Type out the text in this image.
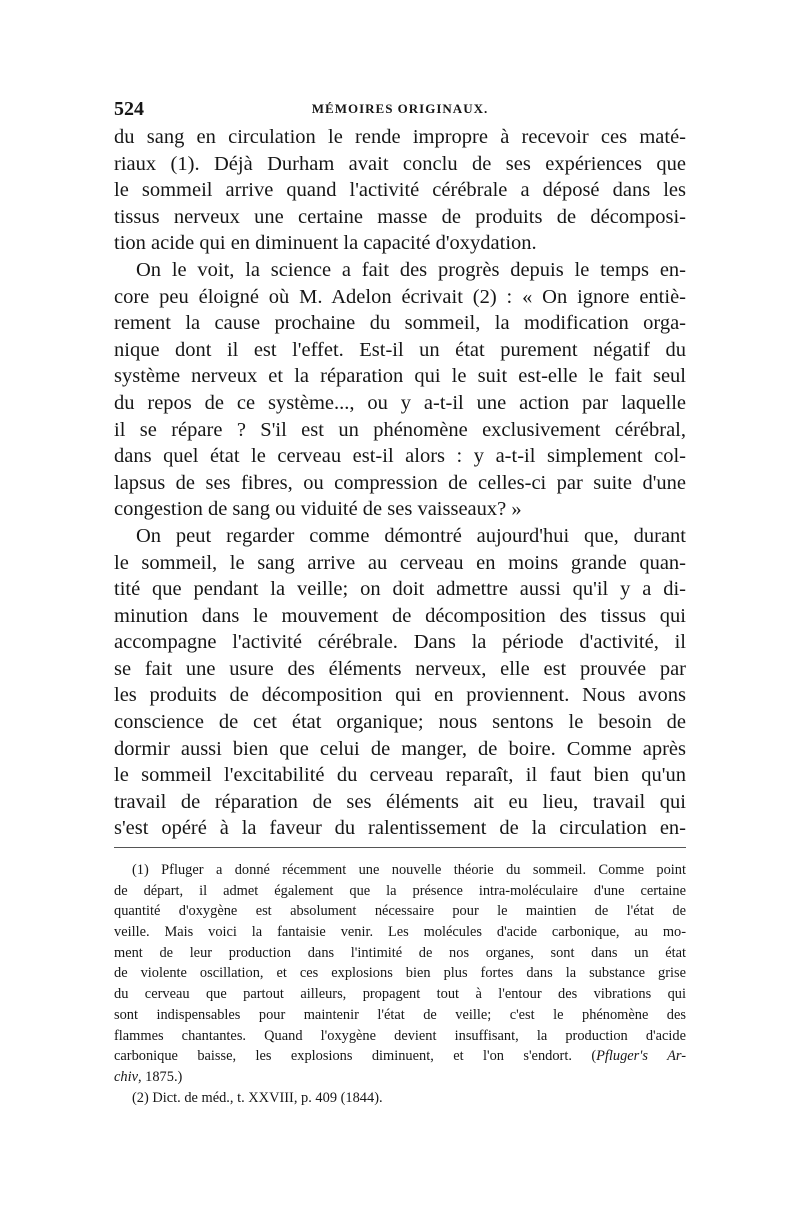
524	MÉMOIRES ORIGINAUX.
du sang en circulation le rende impropre à recevoir ces maté-
riaux (1). Déjà Durham avait conclu de ses expériences que
le sommeil arrive quand l'activité cérébrale a déposé dans les
tissus nerveux une certaine masse de produits de décomposi-
tion acide qui en diminuent la capacité d'oxydation.
On le voit, la science a fait des progrès depuis le temps en-
core peu éloigné où M. Adelon écrivait (2) : « On ignore entiè-
rement la cause prochaine du sommeil, la modification orga-
nique dont il est l'effet. Est-il un état purement négatif du
système nerveux et la réparation qui le suit est-elle le fait seul
du repos de ce système..., ou y a-t-il une action par laquelle
il se répare ? S'il est un phénomène exclusivement cérébral,
dans quel état le cerveau est-il alors : y a-t-il simplement col-
lapsus de ses fibres, ou compression de celles-ci par suite d'une
congestion de sang ou viduité de ses vaisseaux? »
On peut regarder comme démontré aujourd'hui que, durant
le sommeil, le sang arrive au cerveau en moins grande quan-
tité que pendant la veille; on doit admettre aussi qu'il y a di-
minution dans le mouvement de décomposition des tissus qui
accompagne l'activité cérébrale. Dans la période d'activité, il
se fait une usure des éléments nerveux, elle est prouvée par
les produits de décomposition qui en proviennent. Nous avons
conscience de cet état organique; nous sentons le besoin de
dormir aussi bien que celui de manger, de boire. Comme après
le sommeil l'excitabilité du cerveau reparaît, il faut bien qu'un
travail de réparation de ses éléments ait eu lieu, travail qui
s'est opéré à la faveur du ralentissement de la circulation en-
(1) Pfluger a donné récemment une nouvelle théorie du sommeil. Comme point
de départ, il admet également que la présence intra-moléculaire d'une certaine
quantité d'oxygène est absolument nécessaire pour le maintien de l'état de
veille. Mais voici la fantaisie venir. Les molécules d'acide carbonique, au mo-
ment de leur production dans l'intimité de nos organes, sont dans un état
de violente oscillation, et ces explosions bien plus fortes dans la substance grise
du cerveau que partout ailleurs, propagent tout à l'entour des vibrations qui
sont indispensables pour maintenir l'état de veille; c'est le phénomène des
flammes chantantes. Quand l'oxygène devient insuffisant, la production d'acide
carbonique baisse, les explosions diminuent, et l'on s'endort. (Pfluger's Ar-
chiv, 1875.)
(2) Dict. de méd., t. XXVIII, p. 409 (1844).
